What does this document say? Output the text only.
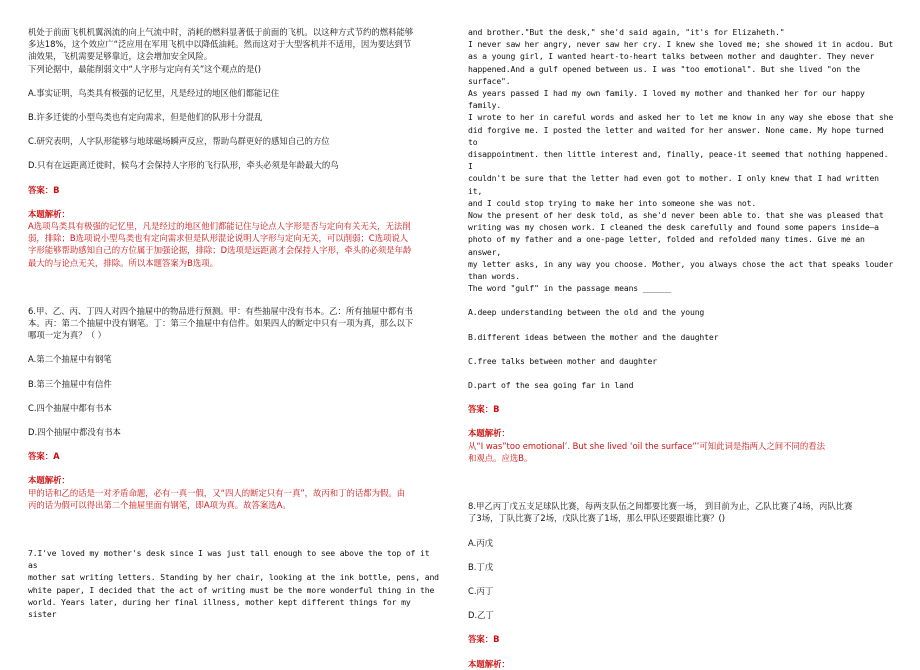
机处于前面飞机机翼涡流的向上气流中时，消耗的燃料显著低于前面的飞机。以这种方式节约的燃料能够

多达18%，这个效应广“泛应用在军用飞机中以降低油耗。然而这对于大型客机并不适用，因为要达到节

油效果，飞机需要足够靠近，这会增加安全风险。

下列论据中，最能削弱文中“人字形与定向有关”这个观点的是()

A.事实证明，鸟类具有极强的记忆里，凡是经过的地区他们都能记住

B.许多迁徙的小型鸟类也有定向需求，但是他们的队形十分混乱

C.研究表明，人字队形能够与地球磁场瞬声反应，帮助鸟群更好的感知自己的方位

D.只有在远距离迁徙时，候鸟才会保持人字形的飞行队形，牵头必须是年龄最大的鸟

答案：B

本题解析：

A选项鸟类具有极强的记忆里，凡是经过的地区他们都能记住与论点人字形是否与定向有关无关，无法削

弱，排除；B选项说小型鸟类也有定向需求但是队形混论说明人字形与定向无关，可以削弱；C选项说人

字形能够帮助感知自己的方位属于加强论据，排除；D选项是远距离才会保持人字形，牵头的必须是年龄

最大的与论点无关，排除。所以本题答案为B选项。

6.甲、乙、丙、丁四人对四个抽屉中的物品进行预测。甲：有些抽屉中没有书本。乙：所有抽屉中都有书

本。丙：第二个抽屉中没有钢笔。丁：第三个抽屉中有信件。如果四人的断定中只有一项为真，那么以下

哪项一定为真？（ ）

A.第二个抽屉中有钢笔

B.第三个抽屉中有信件

C.四个抽屉中都有书本

D.四个抽屉中都没有书本

答案：A

本题解析：

甲的话和乙的话是一对矛盾命题，必有一真一假，又“四人的断定只有一真”，故丙和丁的话都为假。由

丙的话为假可以得出第二个抽屉里面有钢笔，即A项为真。故答案选A。

7.I've loved my mother's desk since I was just tall enough to see above the top of it as

mother sat writing letters. Standing by her chair, looking at the ink bottle, pens, and

white paper, I decided that the act of writing must be the more wonderful thing in the

world. Years later, during her final illness, mother kept different things for my sister

and brother."But the desk," she'd said again, "it's for Elizaheth."

I never saw her angry, never saw her cry. I knew she loved me; she showed it in acdou. But

as a young girl, I wanted heart-to-heart talks between mother and daughter. They never

happened.And a gulf opened between us. I was "too emotional". But she lived "on the

surface".

As years passed I had my own family. I loved my mother and thanked her for our happy family.

I wrote to her in careful words and asked her to let me know in any way she ebose that she

did forgive me. I posted the letter and waited for her answer. None came. My hope turned to

disappointment. then little interest and, finally, peace-it seemed that nothing happened. I

couldn't be sure that the letter had even got to mother. I only knew that I had written it,

and I could stop trying to make her into someone she was not.

Now the present of her desk told, as she'd never been able to. that she was pleased that

writing was my chosen work. I cleaned the desk carefully and found some papers inside—a

photo of my father and a one-page letter, folded and refolded many times. Give me an answer,

my letter asks, in any way you choose. Mother, you always chose the act that speaks louder

than words.

The word "gulf" in the passage means ______

A.deep understanding between the old and the young

B.different ideas between the mother and the daughter

C.free talks between mother and daughter

D.part of the sea going far in land

答案：B

本题解析：

从“I was”too emotional’. But she lived ‘oil the surface”’可知此词是指两人之间不同的看法

和观点。应选B。

8.甲乙丙丁戊五支足球队比赛，每两支队伍之间都要比赛一场， 到目前为止，乙队比赛了4场，丙队比赛

了3场，丁队比赛了2场，戊队比赛了1场，那么甲队还要跟谁比赛？()

A.丙戊

B.丁戊

C.丙丁

D.乙丁

答案：B

本题解析：
